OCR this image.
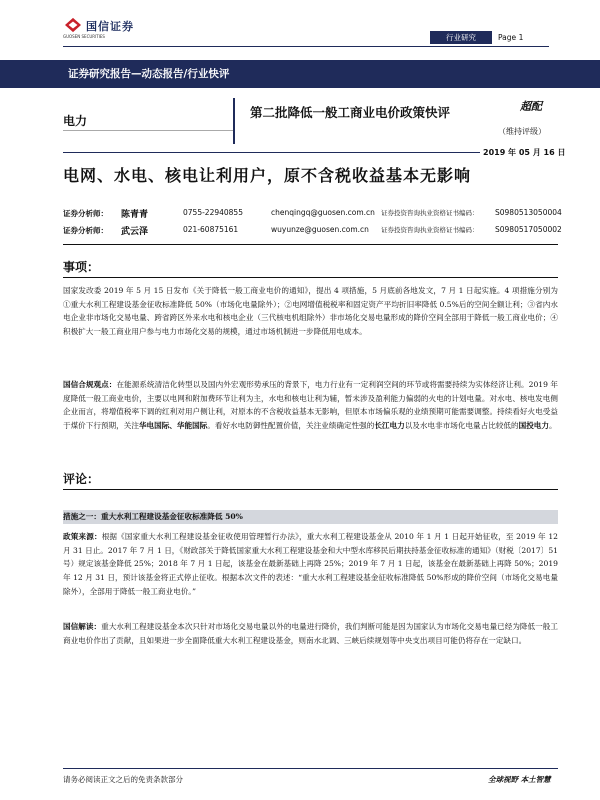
国信证券
GUOSEN SECURITIES	行业研究	Page 1
证券研究报告—动态报告/行业快评
电力
第二批降低一般工商业电价政策快评	超配
（维持评级）
2019 年 05 月 16 日
电网、水电、核电让利用户，原不含税收益基本无影响
证券分析师： 陈青青	0755-22940855	chenqingq@guosen.com.cn 证券投资咨询执业资格证书编码： S0980513050004
证券分析师： 武云泽	021-60875161	wuyunze@guosen.com.cn 证券投资咨询执业资格证书编码： S0980517050002
事项：
国家发改委 2019 年 5 月 15 日发布《关于降低一般工商业电价的通知》，提出 4 项措施，5 月底前各地发文，7 月 1 日起实施。4 项措施分别为①重大水利工程建设基金征收标准降低 50%（市场化电量除外）；②电网增值税税率和固定资产平均折旧率降低 0.5%后的空间全额让利；③省内水电企业非市场化交易电量、跨省跨区外来水电和核电企业（三代核电机组除外）非市场化交易电量形成的降价空间全部用于降低一般工商业电价；④积极扩大一般工商业用户参与电力市场化交易的规模，通过市场机制进一步降低用电成本。
国信合规观点：在能源系统清洁化转型以及国内外宏观形势承压的背景下，电力行业有一定利润空间的环节或将需要持续为实体经济让利。2019 年度降低一般工商业电价，主要以电网和附加费环节让利为主，水电和核电让利为辅，暂未涉及盈利能力偏弱的火电的计划电量。对水电、核电发电侧企业而言，将增值税率下调的红利对用户侧让利，对原本的不含税收益基本无影响，但原本市场偏乐观的业绩预期可能需要调整。持续看好火电受益于煤价下行预期，关注华电国际、华能国际。看好水电防御性配置价值，关注业绩确定性强的长江电力以及水电非市场化电量占比较低的国投电力。
评论：
措施之一：重大水利工程建设基金征收标准降低 50%
政策来源：根据《国家重大水利工程建设基金征收使用管理暂行办法》，重大水利工程建设基金从 2010 年 1 月 1 日起开始征收，至 2019 年 12 月 31 日止。2017 年 7 月 1 日，《财政部关于降低国家重大水利工程建设基金和大中型水库移民后期扶持基金征收标准的通知》（财税〔2017〕51 号）规定该基金降低 25%；2018 年 7 月 1 日起，该基金在最新基础上再降 25%；2019 年 7 月 1 日起，该基金在最新基础上再降 50%；2019 年 12 月 31 日，预计该基金将正式停止征收。根据本次文件的表述：“重大水利工程建设基金征收标准降低 50%形成的降价空间（市场化交易电量除外），全部用于降低一般工商业电价。”
国信解读：重大水利工程建设基金本次只针对市场化交易电量以外的电量进行降价，我们判断可能是因为国家认为市场化交易电量已经为降低一般工商业电价作出了贡献，且如果进一步全面降低重大水利工程建设基金，则南水北调、三峡后续规划等中央支出项目可能仍将存在一定缺口。
请务必阅读正文之后的免责条款部分	全球视野 本土智慧
